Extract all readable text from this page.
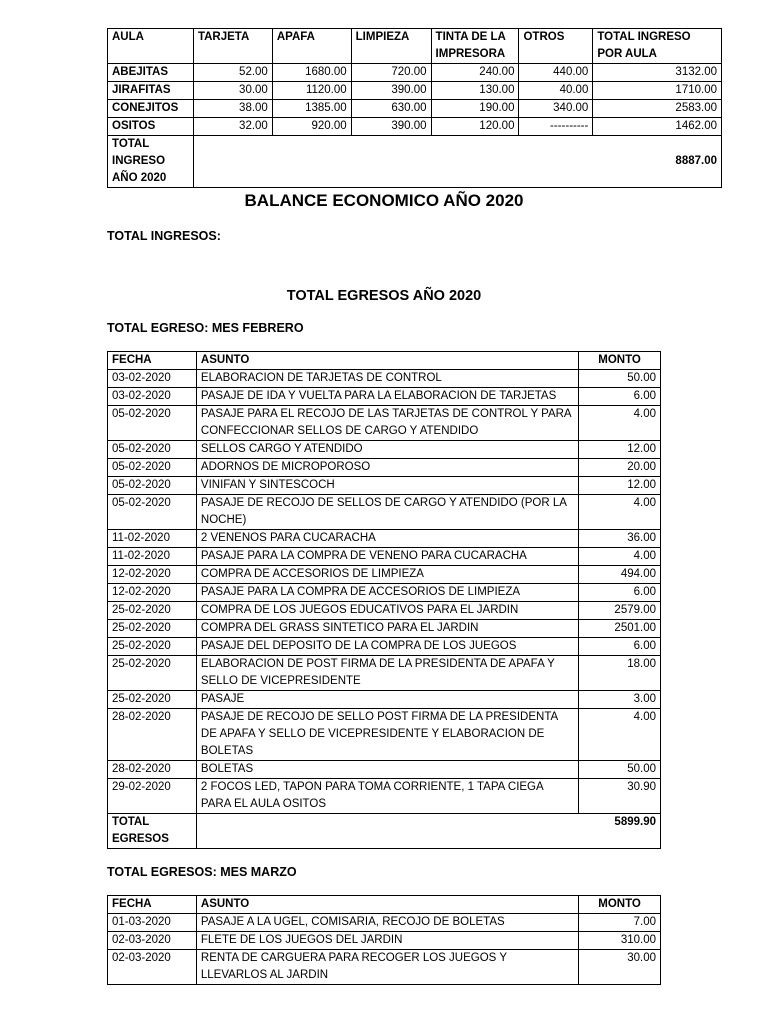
AULA	TARJETA	APAFA	LIMPIEZA	TINTA DE LA IMPRESORA	OTROS	TOTAL INGRESO POR AULA
ABEJITAS	52.00	1680.00	720.00	240.00	440.00	3132.00
JIRAFITAS	30.00	1120.00	390.00	130.00	40.00	1710.00
CONEJITOS	38.00	1385.00	630.00	190.00	340.00	2583.00
OSITOS	32.00	920.00	390.00	120.00	----------	1462.00
TOTAL INGRESO AÑO 2020	8887.00					
BALANCE ECONOMICO AÑO 2020
TOTAL INGRESOS:
TOTAL EGRESOS AÑO 2020
TOTAL EGRESO: MES FEBRERO
FECHA	ASUNTO	MONTO
03-02-2020	ELABORACION DE TARJETAS DE CONTROL	50.00
03-02-2020	PASAJE DE IDA Y VUELTA PARA LA ELABORACION DE TARJETAS	6.00
05-02-2020	PASAJE PARA EL RECOJO DE LAS TARJETAS DE CONTROL Y PARA CONFECCIONAR SELLOS DE CARGO Y ATENDIDO	4.00
05-02-2020	SELLOS CARGO Y ATENDIDO	12.00
05-02-2020	ADORNOS DE MICROPOROSO	20.00
05-02-2020	VINIFAN Y SINTESCOCH	12.00
05-02-2020	PASAJE DE RECOJO DE SELLOS DE CARGO Y ATENDIDO (POR LA NOCHE)	4.00
11-02-2020	2 VENENOS PARA CUCARACHA	36.00
11-02-2020	PASAJE PARA LA COMPRA DE VENENO PARA CUCARACHA	4.00
12-02-2020	COMPRA DE ACCESORIOS DE LIMPIEZA	494.00
12-02-2020	PASAJE PARA LA COMPRA DE ACCESORIOS DE LIMPIEZA	6.00
25-02-2020	COMPRA DE LOS JUEGOS EDUCATIVOS PARA EL JARDIN	2579.00
25-02-2020	COMPRA DEL GRASS SINTETICO PARA EL JARDIN	2501.00
25-02-2020	PASAJE DEL DEPOSITO DE LA COMPRA DE LOS JUEGOS	6.00
25-02-2020	ELABORACION DE POST FIRMA DE LA PRESIDENTA DE APAFA Y SELLO DE VICEPRESIDENTE	18.00
25-02-2020	PASAJE	3.00
28-02-2020	PASAJE DE RECOJO DE SELLO POST FIRMA DE LA PRESIDENTA DE APAFA Y SELLO DE VICEPRESIDENTE Y ELABORACION DE BOLETAS	4.00
28-02-2020	BOLETAS	50.00
29-02-2020	2 FOCOS LED, TAPON PARA TOMA CORRIENTE, 1 TAPA CIEGA PARA EL AULA OSITOS	30.90
TOTAL EGRESOS	5899.90	
TOTAL EGRESOS: MES MARZO
FECHA	ASUNTO	MONTO
01-03-2020	PASAJE A LA UGEL, COMISARIA, RECOJO DE BOLETAS	7.00
02-03-2020	FLETE DE LOS JUEGOS DEL JARDIN	310.00
02-03-2020	RENTA DE CARGUERA PARA RECOGER LOS JUEGOS Y LLEVARLOS AL JARDIN	30.00
